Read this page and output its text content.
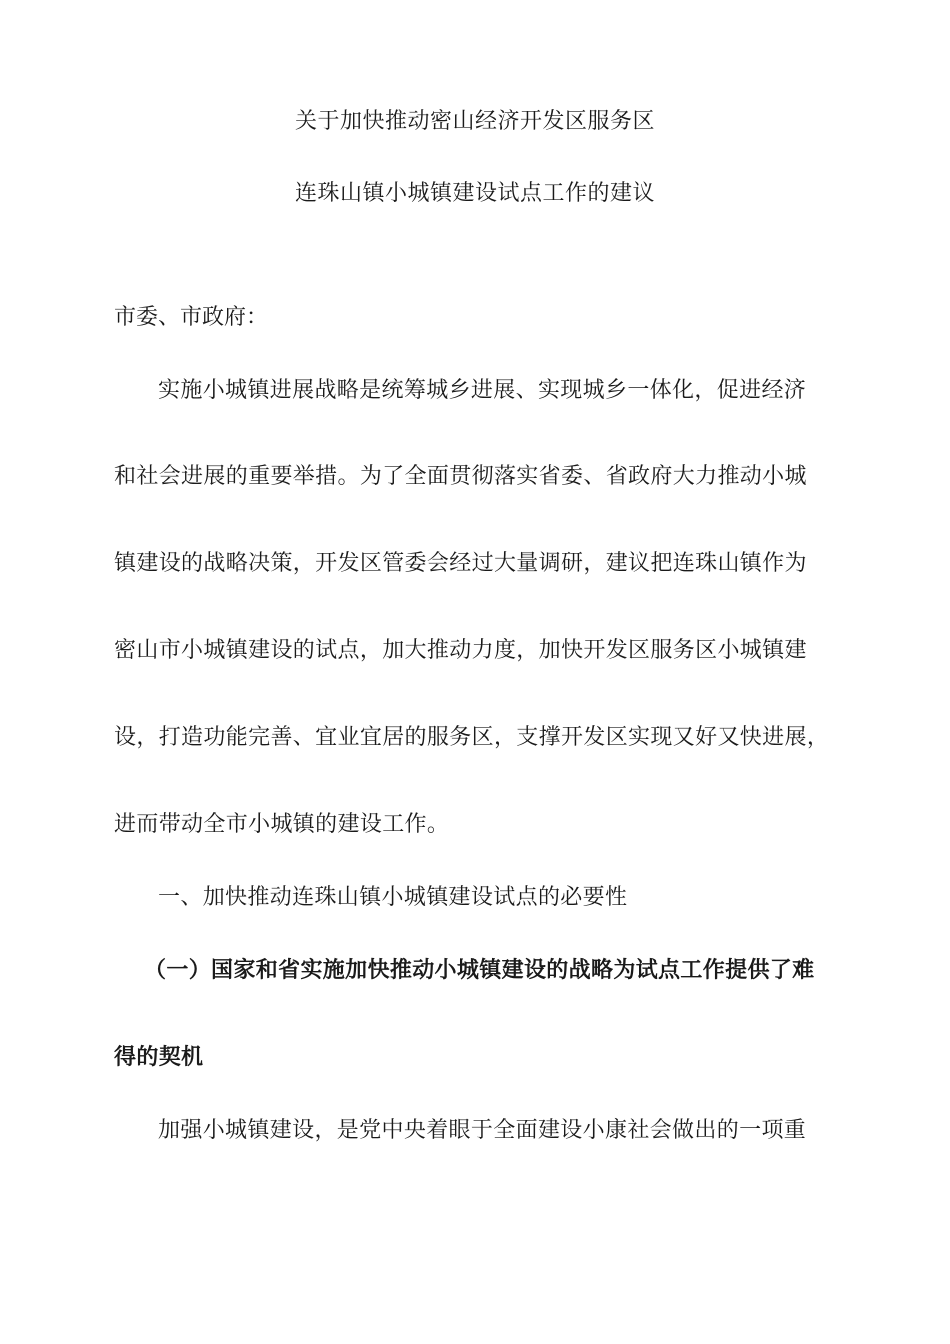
关于加快推动密山经济开发区服务区
连珠山镇小城镇建设试点工作的建议
市委、市政府：
实施小城镇进展战略是统筹城乡进展、实现城乡一体化，促进经济
和社会进展的重要举措。为了全面贯彻落实省委、省政府大力推动小城
镇建设的战略决策，开发区管委会经过大量调研，建议把连珠山镇作为
密山市小城镇建设的试点，加大推动力度，加快开发区服务区小城镇建
设，打造功能完善、宜业宜居的服务区，支撑开发区实现又好又快进展，
进而带动全市小城镇的建设工作。
一、加快推动连珠山镇小城镇建设试点的必要性
（一）国家和省实施加快推动小城镇建设的战略为试点工作提供了难
得的契机
加强小城镇建设，是党中央着眼于全面建设小康社会做出的一项重
